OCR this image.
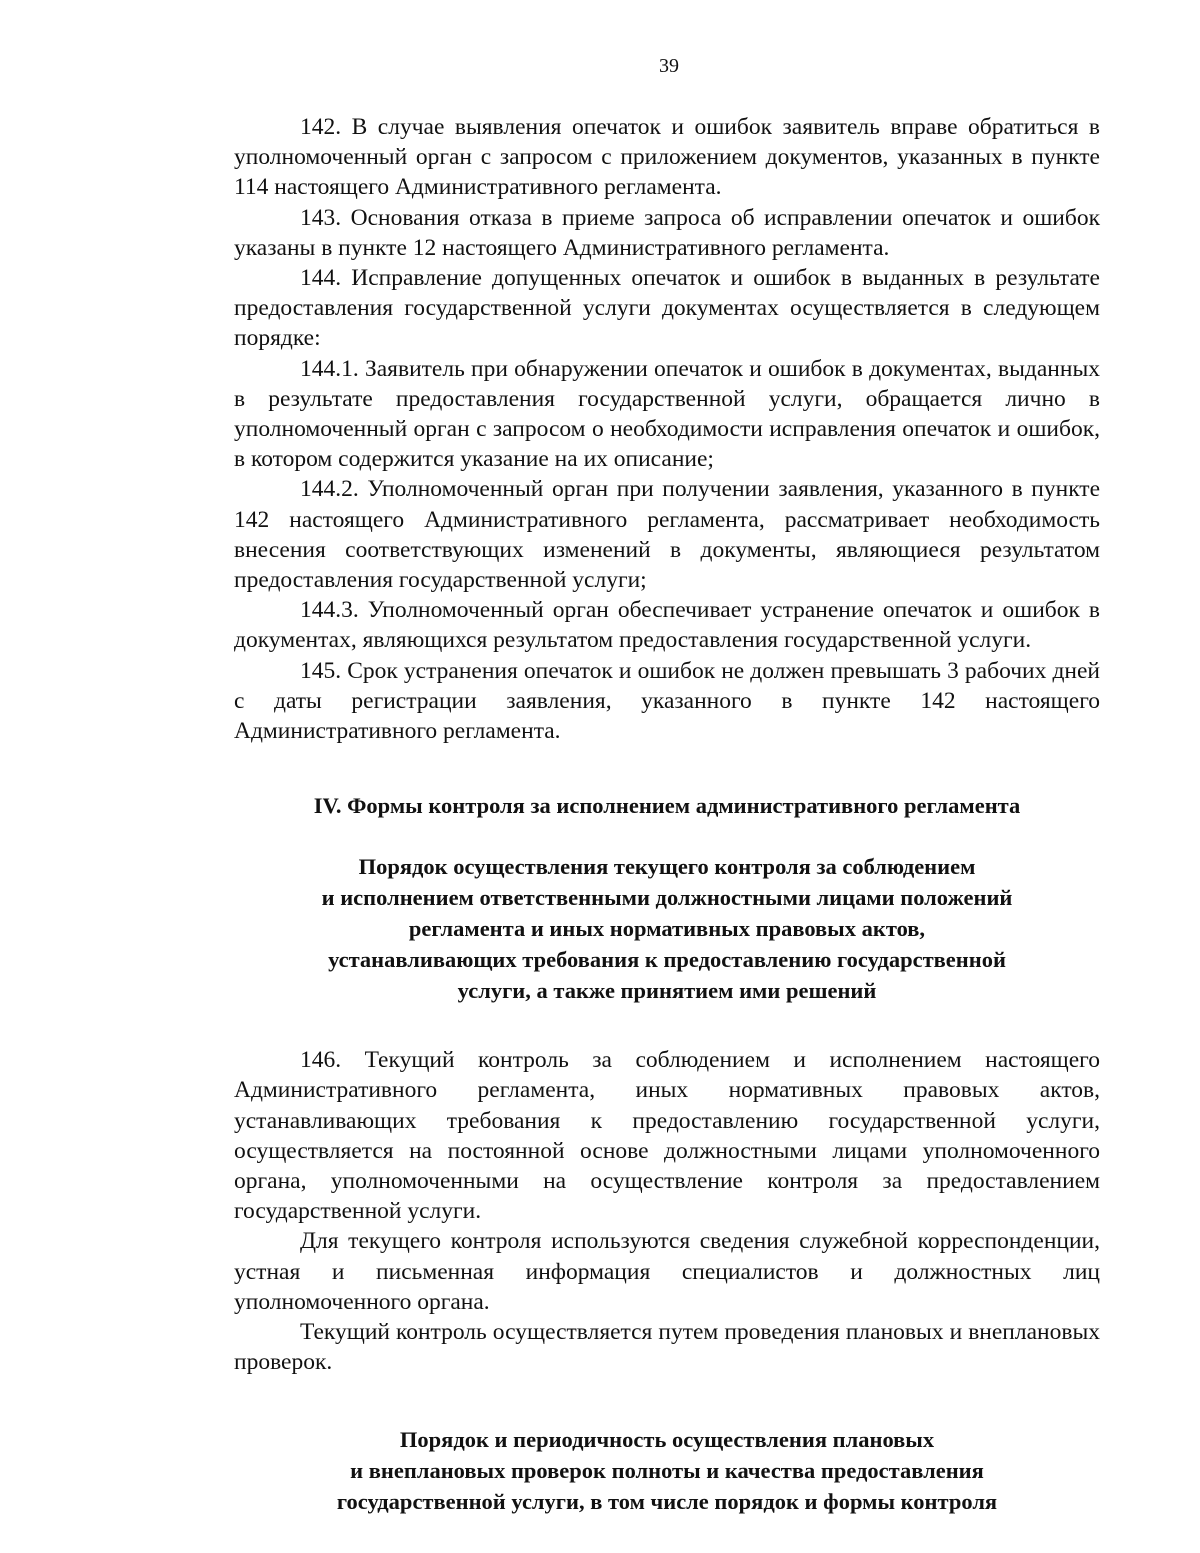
39

142. В случае выявления опечаток и ошибок заявитель вправе обратиться в уполномоченный орган с запросом с приложением документов, указанных в пункте 114 настоящего Административного регламента.

143. Основания отказа в приеме запроса об исправлении опечаток и ошибок указаны в пункте 12 настоящего Административного регламента.

144. Исправление допущенных опечаток и ошибок в выданных в результате предоставления государственной услуги документах осуществляется в следующем порядке:

144.1. Заявитель при обнаружении опечаток и ошибок в документах, выданных в результате предоставления государственной услуги, обращается лично в уполномоченный орган с запросом о необходимости исправления опечаток и ошибок, в котором содержится указание на их описание;

144.2. Уполномоченный орган при получении заявления, указанного в пункте 142 настоящего Административного регламента, рассматривает необходимость внесения соответствующих изменений в документы, являющиеся результатом предоставления государственной услуги;

144.3. Уполномоченный орган обеспечивает устранение опечаток и ошибок в документах, являющихся результатом предоставления государственной услуги.

145. Срок устранения опечаток и ошибок не должен превышать 3 рабочих дней с даты регистрации заявления, указанного в пункте 142 настоящего Административного регламента.

IV. Формы контроля за исполнением административного регламента
Порядок осуществления текущего контроля за соблюдением
и исполнением ответственными должностными лицами положений
регламента и иных нормативных правовых актов,
устанавливающих требования к предоставлению государственной
услуги, а также принятием ими решений

146. Текущий контроль за соблюдением и исполнением настоящего Административного регламента, иных нормативных правовых актов, устанавливающих требования к предоставлению государственной услуги, осуществляется на постоянной основе должностными лицами уполномоченного органа, уполномоченными на осуществление контроля за предоставлением государственной услуги.

Для текущего контроля используются сведения служебной корреспонденции, устная и письменная информация специалистов и должностных лиц уполномоченного органа.

Текущий контроль осуществляется путем проведения плановых и внеплановых проверок.

Порядок и периодичность осуществления плановых
и внеплановых проверок полноты и качества предоставления
государственной услуги, в том числе порядок и формы контроля
